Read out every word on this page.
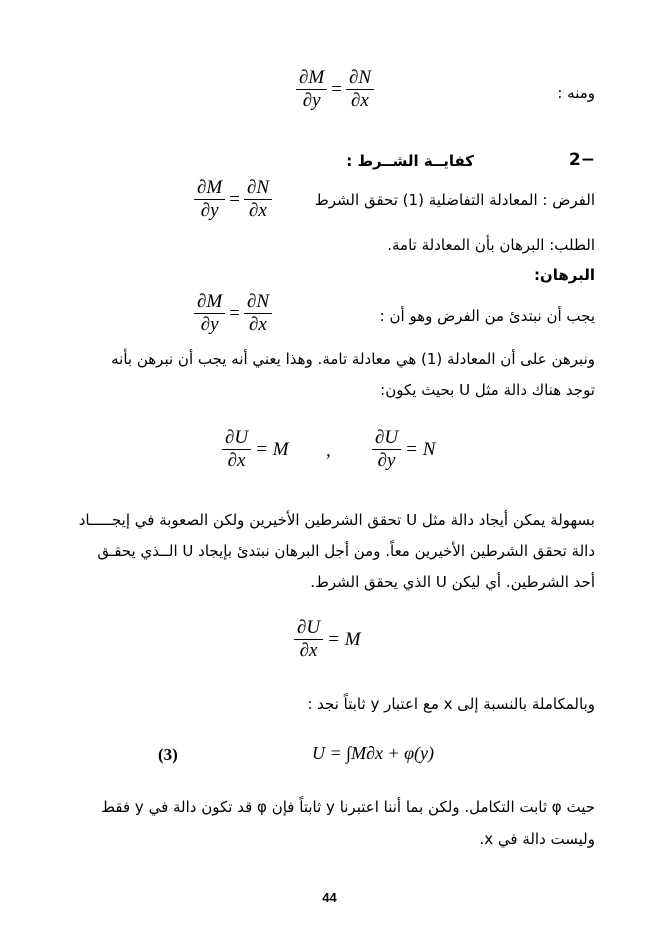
$\frac{\partial M}{\partial y} = \frac{\partial N}{\partial x}$	ومنه :
−2
كفايــة الشــرط :
$\frac{\partial M}{\partial y} = \frac{\partial N}{\partial x}$	الفرض : المعادلة التفاضلية (1) تحقق الشرط
الطلب: البرهان بأن المعادلة تامة.
البرهان:
$\frac{\partial M}{\partial y} = \frac{\partial N}{\partial x}$	يجب أن نبتدئ من الفرض وهو أن :
ونبرهن على أن المعادلة (1) هي معادلة تامة. وهذا يعني أنه يجب أن نبرهن بأنه
توجد هناك دالة مثل U بحيث يكون:
$\frac{\partial U}{\partial x} = M$ , $\frac{\partial U}{\partial y} = N$
بسهولة يمكن أيجاد دالة مثل U تحقق الشرطين الأخيرين ولكن الصعوبة في إيجـــــاد
دالة تحقق الشرطين الأخيرين معاً. ومن أجل البرهان نبتدئ بإيجاد U الــذي يحقـق
أحد الشرطين. أي ليكن U الذي يحقق الشرط.
$\frac{\partial U}{\partial x} = M$
وبالمكاملة بالنسبة إلى x مع اعتبار y ثابتاً نجد :
U = ∫M∂x + φ(y)
(3)
حيث φ ثابت التكامل. ولكن بما أننا اعتبرنا y ثابتاً فإن φ قد تكون دالة في y فقط
وليست دالة في x.
44
